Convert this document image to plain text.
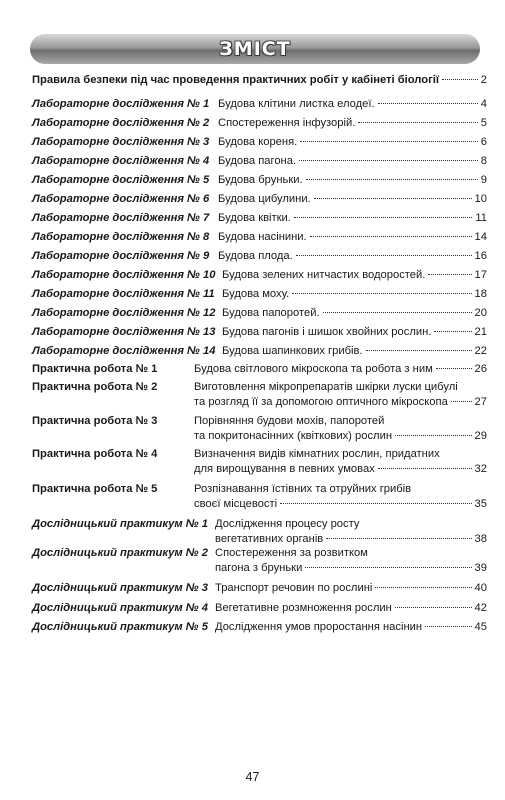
ЗМІСТ
Правила безпеки під час проведення практичних робіт у кабінеті біології	2
Лабораторне дослідження № 1 Будова клітини листка елодеї.	4
Лабораторне дослідження № 2 Спостереження інфузорій.	5
Лабораторне дослідження № 3 Будова кореня.	6
Лабораторне дослідження № 4 Будова пагона.	8
Лабораторне дослідження № 5 Будова бруньки.	9
Лабораторне дослідження № 6 Будова цибулини.	10
Лабораторне дослідження № 7 Будова квітки.	11
Лабораторне дослідження № 8 Будова насінини.	14
Лабораторне дослідження № 9 Будова плода.	16
Лабораторне дослідження № 10 Будова зелених нитчастих водоростей.	17
Лабораторне дослідження № 11 Будова моху.	18
Лабораторне дослідження № 12 Будова папоротей.	20
Лабораторне дослідження № 13 Будова пагонів і шишок хвойних рослин.	21
Лабораторне дослідження № 14 Будова шапинкових грибів.	22
Практична робота № 1	Будова світлового мікроскопа та робота з ним	26
Практична робота № 2	Виготовлення мікропрепаратів шкірки луски цибулі
та розгляд її за допомогою оптичного мікроскопа 27
Практична робота № 3	Порівняння будови мохів, папоротей
та покритонасінних (квіткових) рослин	29
Практична робота № 4	Визначення видів кімнатних рослин, придатних
для вирощування в певних умовах	32
Практична робота № 5	Розпізнавання їстівних та отруйних грибів
своєї місцевості	35
Дослідницький практикум № 1 Дослідження процесу росту
вегетативних органів	38
Дослідницький практикум № 2 Спостереження за розвитком
пагона з бруньки	39
Дослідницький практикум № 3 Транспорт речовин по рослині	40
Дослідницький практикум № 4 Вегетативне розмноження рослин	42
Дослідницький практикум № 5 Дослідження умов проростання насінин	45
47
